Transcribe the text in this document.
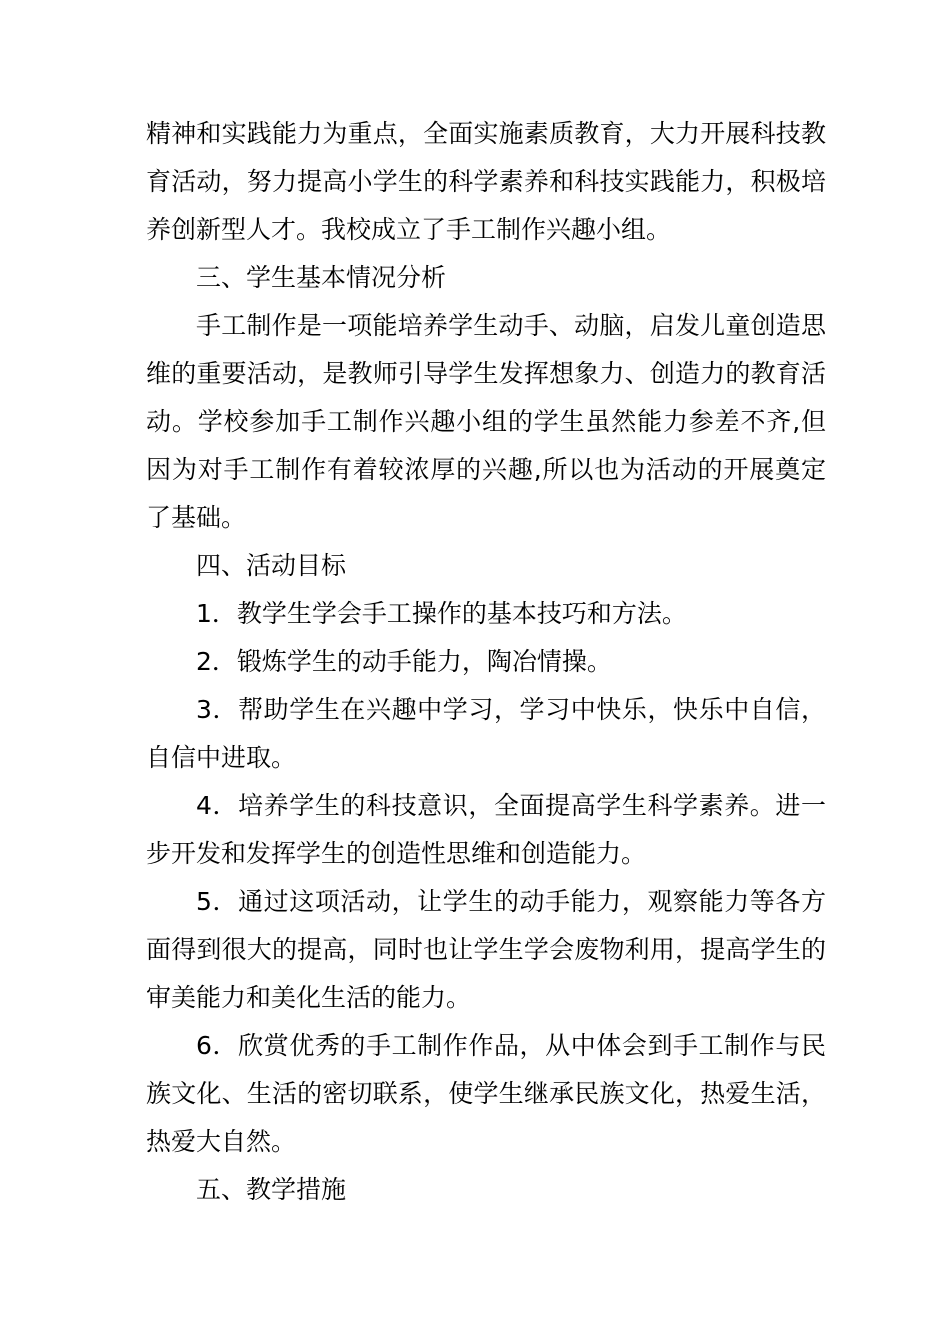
精神和实践能力为重点，全面实施素质教育，大力开展科技教育活动，努力提高小学生的科学素养和科技实践能力，积极培养创新型人才。我校成立了手工制作兴趣小组。

三、学生基本情况分析

手工制作是一项能培养学生动手、动脑，启发儿童创造思维的重要活动，是教师引导学生发挥想象力、创造力的教育活动。学校参加手工制作兴趣小组的学生虽然能力参差不齐,但因为对手工制作有着较浓厚的兴趣,所以也为活动的开展奠定了基础。

四、活动目标

1．教学生学会手工操作的基本技巧和方法。

2．锻炼学生的动手能力，陶冶情操。

3．帮助学生在兴趣中学习，学习中快乐，快乐中自信，自信中进取。

4．培养学生的科技意识，全面提高学生科学素养。进一步开发和发挥学生的创造性思维和创造能力。

5．通过这项活动，让学生的动手能力，观察能力等各方面得到很大的提高，同时也让学生学会废物利用，提高学生的审美能力和美化生活的能力。

6．欣赏优秀的手工制作作品，从中体会到手工制作与民族文化、生活的密切联系，使学生继承民族文化，热爱生活，热爱大自然。

五、教学措施
